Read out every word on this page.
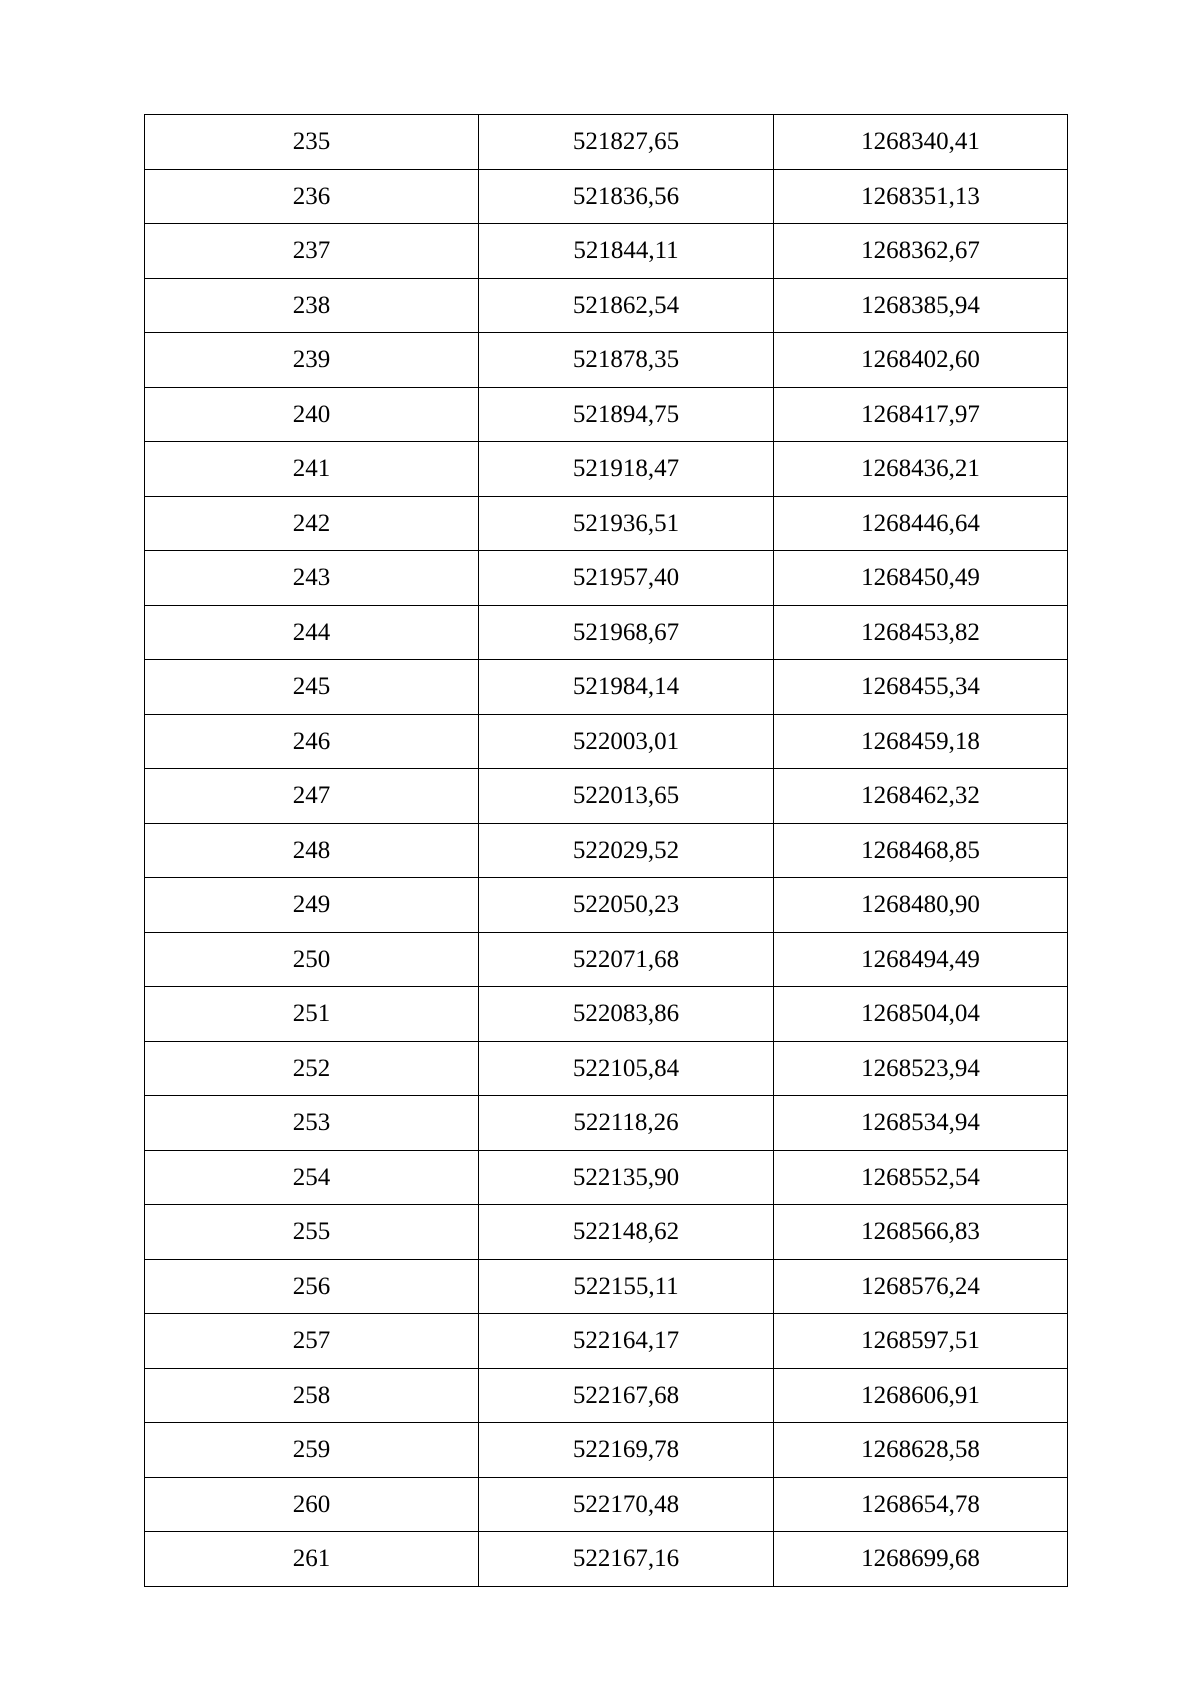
235	521827,65	1268340,41
236	521836,56	1268351,13
237	521844,11	1268362,67
238	521862,54	1268385,94
239	521878,35	1268402,60
240	521894,75	1268417,97
241	521918,47	1268436,21
242	521936,51	1268446,64
243	521957,40	1268450,49
244	521968,67	1268453,82
245	521984,14	1268455,34
246	522003,01	1268459,18
247	522013,65	1268462,32
248	522029,52	1268468,85
249	522050,23	1268480,90
250	522071,68	1268494,49
251	522083,86	1268504,04
252	522105,84	1268523,94
253	522118,26	1268534,94
254	522135,90	1268552,54
255	522148,62	1268566,83
256	522155,11	1268576,24
257	522164,17	1268597,51
258	522167,68	1268606,91
259	522169,78	1268628,58
260	522170,48	1268654,78
261	522167,16	1268699,68
